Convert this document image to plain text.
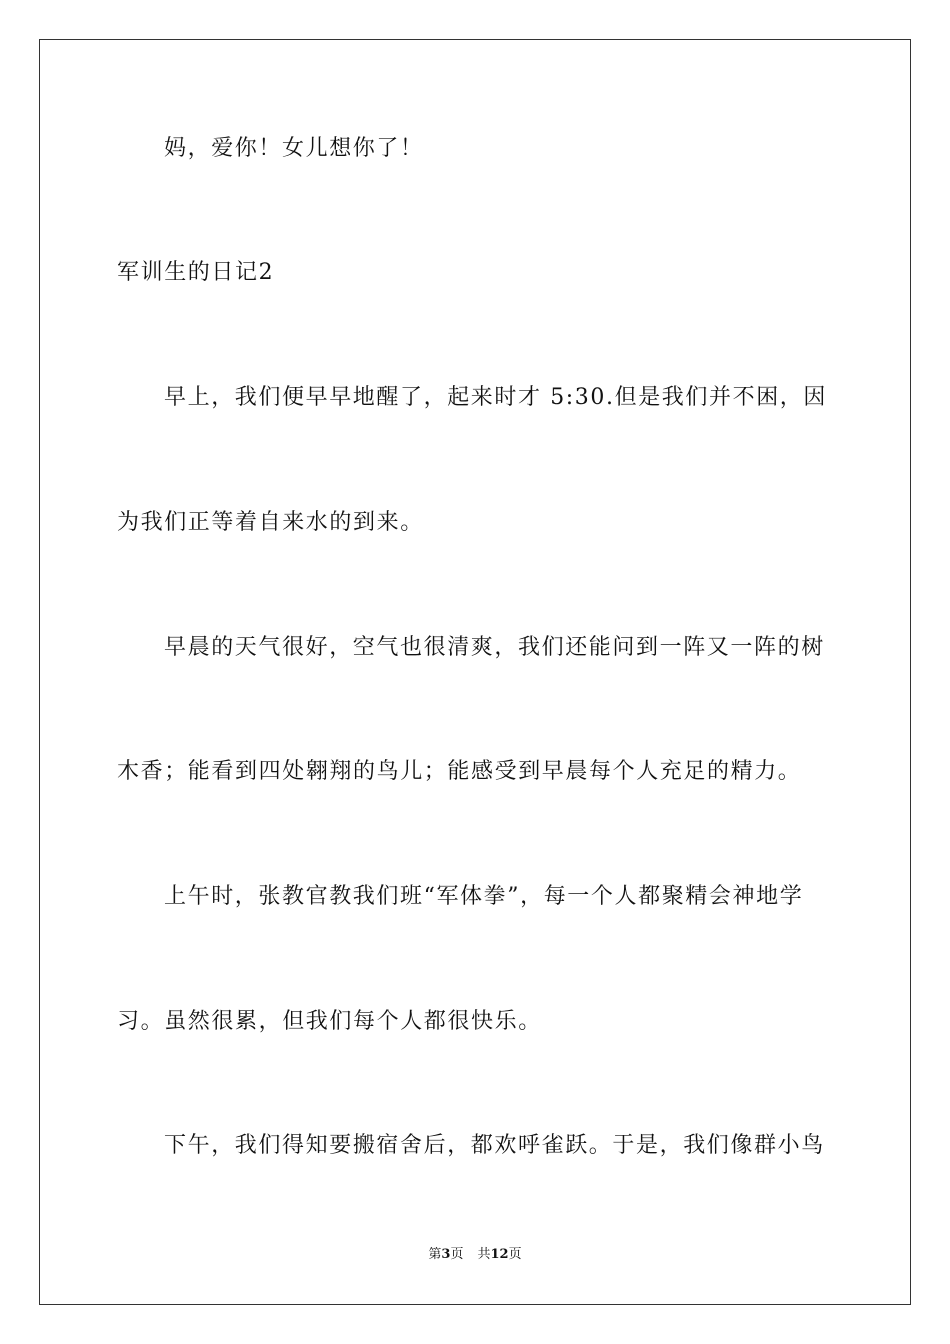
妈，爱你！女儿想你了！
军训生的日记2
早上，我们便早早地醒了，起来时才 5:30.但是我们并不困，因
为我们正等着自来水的到来。
早晨的天气很好，空气也很清爽，我们还能问到一阵又一阵的树
木香；能看到四处翱翔的鸟儿；能感受到早晨每个人充足的精力。
上午时，张教官教我们班“军体拳”，每一个人都聚精会神地学
习。虽然很累，但我们每个人都很快乐。
下午，我们得知要搬宿舍后，都欢呼雀跃。于是，我们像群小鸟
第3页 共12页
